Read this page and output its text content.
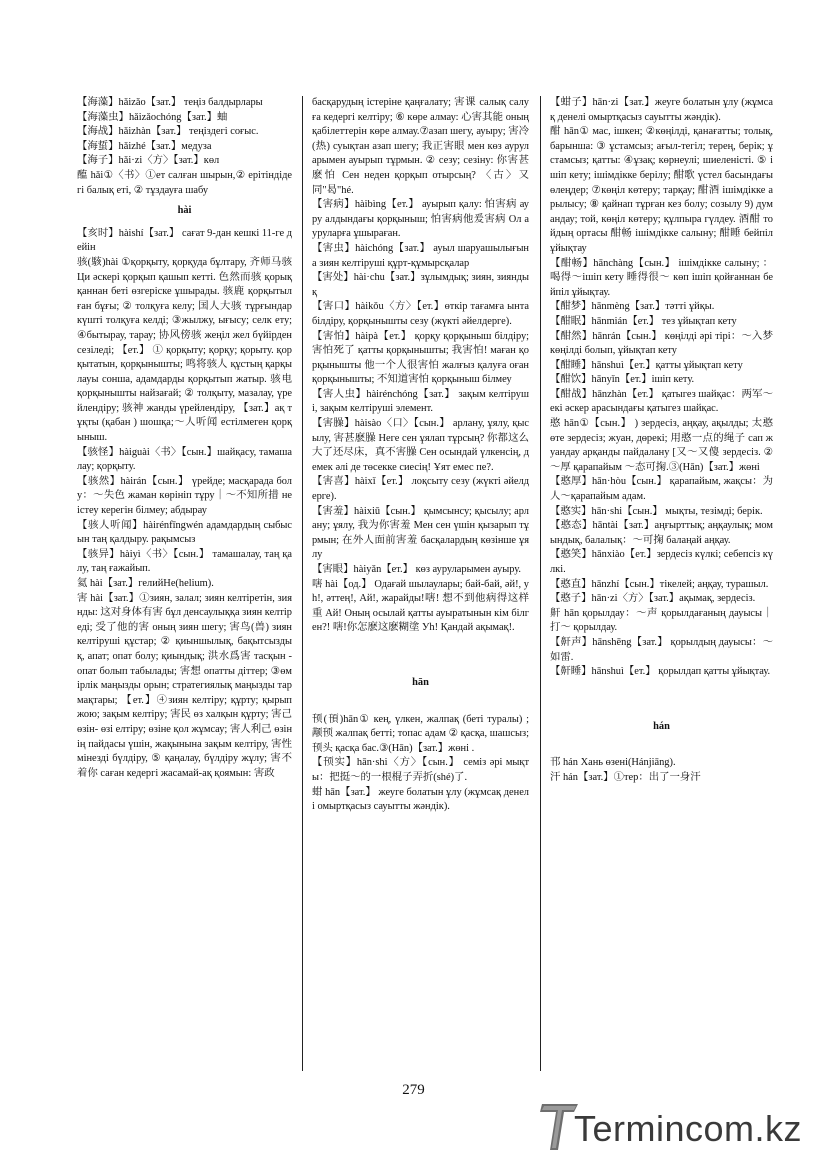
【海藻】hǎizǎo【зат.】 теңіз балдырлары

【海藻虫】hǎizǎochóng【зат.】蚰

【海战】hǎizhàn【зат.】 теңіздегі соғыс.

【海蜇】hǎizhé【зат.】медуза

【海子】hǎi·zi〈方〉【зат.】көл

醢 hǎi①〈书〉①ет салған шырын,② ерітіндідегі балық еті, ② тұздауға шабу

hài

【亥时】hàishí【зат.】 сағат 9-дан кешкі 11-ге дейін

骇(駭)hài ①қорқыту, қорқуда бұлтару, 齐师马骇 Ци әскері қорқып қашып кетті. 色然而骇 қорыққаннан беті өзгеріске ұшырады. 骇鹿 қорқытылған бұғы; ② толқуға келу; 国人大骇 тұрғындар күшті толқуға келді; ③жылжу, ығысу; селк ету; ④бытырау, тарау; 协风傍骇 жеңіл жел бүйірден сезіледі; 【ет.】 ① қорқыту; қорқу; қорыту. қорқытатын, қорқынышты; 鸣将骇人 құстың қарқылауы сонша, адамдарды қорқытып жатыр. 骇电 қорқынышты найзағай; ② толқыту, мазалау, үрейлендіру; 骇神 жанды үрейлендіру, 【зат.】ақ тұқты (қабан ) шошқа;～人听闻 естілмеген қорқыныш.

【骇怪】hàiguài〈书〉【сын.】шайқасу, тамашалау; қорқыту.

【骇然】hàirán【сын.】 үрейде; масқарада болу：～失色 жаман көрініп тұру｜～不知所措 не істеу керегін білмеу; абдырау

【骇人听闻】hàirénfīngwén адамдардың сыбысын таң қалдыру. рақымсыз

【骇异】hàiyì〈书〉【сын.】 тамашалау, таң қалу, таң ғажайып.

氦 hài【зат.】гелийНе(helium).

害 hài【зат.】①зиян, залал; зиян келтіретін, зиянды: 这对身体有害 бұл денсаулыққа зиян келтіреді; 受了他的害 оның зиян шегу; 害鸟(兽) зиян келтіруші құстар; ② қиыншылық, бақытсыздық, апат; опат болу; қиындық; 洪水爲害 тасқын - опат болып табылады; 害想 опатты діттер; ③өмірлік маңызды орын; стратегиялық маңызды тармақтары; 【ет.】④зиян келтіру; құрту; қырып жою; зақым келтіру; 害民 өз халқын құрту; 害己 өзін- өзі елтіру; өзіне қол жұмсау; 害人利己 өзінің пайдасы үшін, жақынына зақым келтіру, 害性 мінезді бүлдіру, ⑤ қаңалау, бүлдіру жұлу; 害不着你 саған кедергі жасамай-ақ қоямын: 害政

басқарудың істеріне қаңғалату; 害课 салық салуға кедергі келтіру; ⑥ көре алмау: 心害其能 оның қабілеттерін көре алмау.⑦азап шегу, ауыру; 害冷(热) суықтан азап шегу; 我正害眼 мен көз ауруларымен ауырып тұрмын. ② сезу; сезіну: 你害甚麽怕 Сен неден қорқып отырсың? 〈古〉又同"曷"hé.

【害病】hàibìng【ет.】 ауырып қалу: 怕害病 ауру алдындағы қорқыныш; 怕害病他爰害病 Ол ауруларға ұшыраған.

【害虫】hàichóng【зат.】 ауыл шаруашылығына зиян келтіруші құрт-құмырсқалар

【害处】hài·chu【зат.】зұлымдық; зиян, зияндық

【害口】hàikǒu〈方〉【ет.】өткір тағамға ынта білдіру, қорқынышты сезу (жүкті әйелдерге).

【害怕】hàipà【ет.】 қорқу қорқыныш білдіру; 害怕死了 қатты қорқынышты; 我害怕! маған қорқынышты 他一个人很害怕 жалғыз қалуға оған қорқынышты; 不知道害怕 қорқыныш білмеу

【害人虫】hàirénchóng【зат.】 зақым келтіруші, зақым келтіруші элемент.

【害臊】hàisào〈口〉【сын.】 арлану, ұялу, қысылу, 害甚麽臊 Неге сен ұялап тұрсың? 你都这么大了还尽床，真不害臊 Сен осындай үлкенсің, демек әлі де төсекке сиесің! Ұят емес пе?.

【害喜】hàixǐ【ет.】 лоқсыту сезу (жүкті әйелдерге).

【害羞】hàixiū【сын.】 қымсынсу; қысылу; арлану; ұялу, 我为你害羞 Мен сен үшін қызарып тұрмын; 在外人面前害羞 басқалардың көзінше ұялу

【害眼】hàiyǎn【ет.】 көз ауруларымен ауыру.

嗐 hài【од.】 Одағай шылаулары; бай-бай, әй!, уһ!, әттең!, Ай!, жарайды!嗐! 想不到他病得这样重 Ай! Оның осылай қатты ауыратынын кім білген?! 嗐!你怎麽这麽糊塗 Уһ! Қандай ақымақ!.

hān

顸(頇)hān① кең, үлкен, жалпақ (беті туралы) ; 颟顸 жалпақ беттi; топас адам ② қасқа, шашсыз; 顸头 қасқа бас.③(Hān)【зат.】жөні .

【顸实】hān·shi〈方〉【сын.】 семіз әрі мықты：把挺～的一根棍子弄折(shé)了.

蚶 hān【зат.】 жеуге болатын ұлу (жұмсақ денелі омыртқасыз сауытты жәндік).

【蚶子】hān·zi【зат.】жеуге болатын ұлу (жұмсақ денелі омыртқасыз сауытты жәндік).

酣 hān① мас, ішкен; ②көңілді, қанағатты; толық, барынша: ③ ұстамсыз; ағыл-тегіл; терең, берік; ұстамсыз; қатты: ④ұзақ; көрнеулі; шиеленісті. ⑤ ішіп кету; ішімдікке берілу; 酣歌 үстел басындағы өлеңдер; ⑦көңіл көтеру; тарқау; 酣酒 ішімдікке арылысу; ⑧ қайнап тұрған кез болу; созылу 9) думандау; той, көңіл көтеру; құлпыра гүлдеу. 酒酣 тойдың ортасы 酣畅 ішімдікке салыну; 酣睡 бейпіл ұйықтау

【酣畅】hānchàng【сын.】 ішімдікке салыну; ：喝得～ішіп кету 睡得很～ көп ішіп қойғаннан бейпіл ұйықтау.

【酣梦】hānmèng【зат.】тәтті ұйқы.

【酣眠】hānmián【ет.】 тез ұйықтап кету

【酣然】hānrán【сын.】 көңілді әрі тірі：～入梦 көңілді болып, ұйықтап кету

【酣睡】hānshuì【ет.】қатты ұйықтап кету

【酣饮】hānyǐn【ет.】ішіп кету.

【酣战】hānzhàn【ет.】 қатыгез шайқас：两军～ екі әскер арасындағы қатыгез шайқас.

憨 hān①【сын.】 ) зердесіз, аңқау, ақылды; 太憨 өте зердесіз; жуан, дөрекі; 用憨一点的绳子 сап жуандау арқанды пайдалану [又～又傻 зердесіз. ②～厚 қарапайым ～态可掬.③(Hān)【зат.】жөні

【憨厚】hān·hòu【сын.】 қарапайым, жақсы：为人～қарапайым адам.

【憨实】hān·shi【сын.】 мықты, тезімді; берік.

【憨态】hāntài【зат.】аңғырттық; аңқаулық; момындық, балалық：～可掬 балаңай аңқау.

【憨笑】hānxiào【ет.】зердесіз күлкі; себепсіз күлкі.

【憨直】hānzhí【сын.】тікелей; аңқау, турашыл.

【憨子】hān·zi〈方〉【зат.】ақымақ, зердесіз.

鼾 hān қорылдау：～声 қорылдағаның дауысы｜打～ қорылдау.

【鼾声】hānshēng【зат.】 қорылдың дауысы：～如雷.

【鼾睡】hānshuì【ет.】 қорылдап қатты ұйықтау.

hán

邗 hán Хань өзені(Hánjiāng).

汗 hán【зат.】①тер：出了一身汗

279
Termincom.kz
